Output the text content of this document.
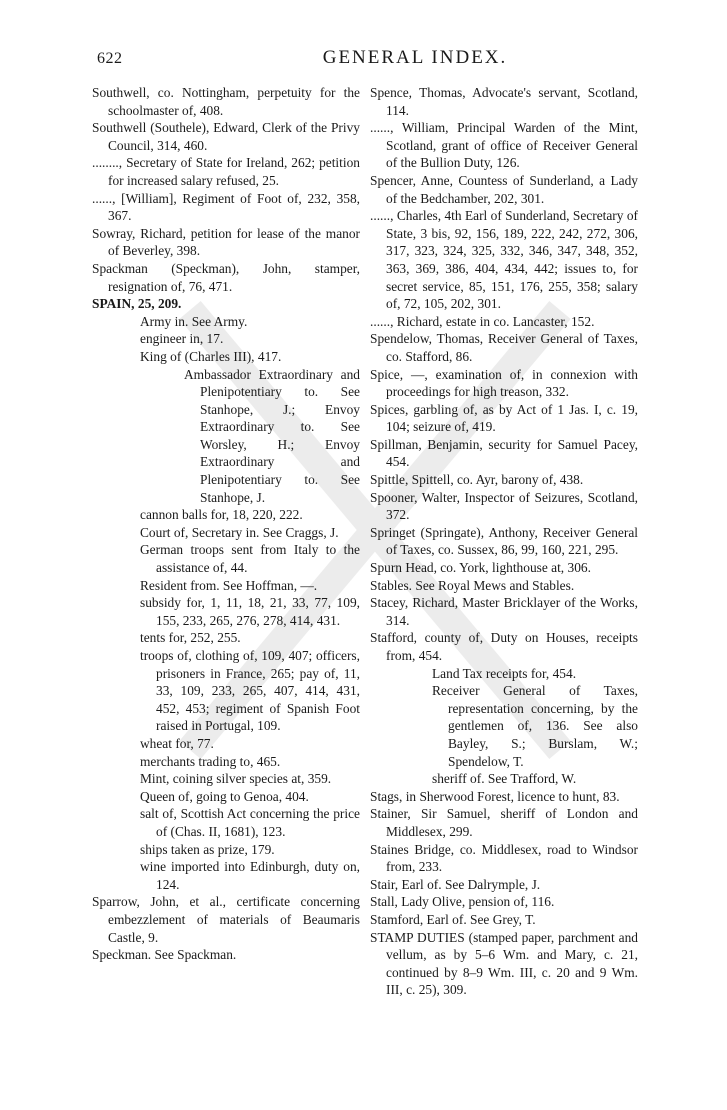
622	GENERAL INDEX.

Southwell, co. Nottingham, perpetuity for the schoolmaster of, 408.

Southwell (Southele), Edward, Clerk of the Privy Council, 314, 460.

........, Secretary of State for Ireland, 262; petition for increased salary refused, 25.

......, [William], Regiment of Foot of, 232, 358, 367.

Sowray, Richard, petition for lease of the manor of Beverley, 398.

Spackman (Speckman), John, stamper, resignation of, 76, 471.

SPAIN, 25, 209.

Army in. See Army.

engineer in, 17.

King of (Charles III), 417.

Ambassador Extraordinary and Plenipotentiary to. See Stanhope, J.; Envoy Extraordinary to. See Worsley, H.; Envoy Extraordinary and Plenipotentiary to. See Stanhope, J.

cannon balls for, 18, 220, 222.

Court of, Secretary in. See Craggs, J.

German troops sent from Italy to the assistance of, 44.

Resident from. See Hoffman, —.

subsidy for, 1, 11, 18, 21, 33, 77, 109, 155, 233, 265, 276, 278, 414, 431.

tents for, 252, 255.

troops of, clothing of, 109, 407; officers, prisoners in France, 265; pay of, 11, 33, 109, 233, 265, 407, 414, 431, 452, 453; regiment of Spanish Foot raised in Portugal, 109.

wheat for, 77.

merchants trading to, 465.

Mint, coining silver species at, 359.

Queen of, going to Genoa, 404.

salt of, Scottish Act concerning the price of (Chas. II, 1681), 123.

ships taken as prize, 179.

wine imported into Edinburgh, duty on, 124.

Sparrow, John, et al., certificate concerning embezzlement of materials of Beaumaris Castle, 9.

Speckman. See Spackman.

Spence, Thomas, Advocate's servant, Scotland, 114.

......, William, Principal Warden of the Mint, Scotland, grant of office of Receiver General of the Bullion Duty, 126.

Spencer, Anne, Countess of Sunderland, a Lady of the Bedchamber, 202, 301.

......, Charles, 4th Earl of Sunderland, Secretary of State, 3 bis, 92, 156, 189, 222, 242, 272, 306, 317, 323, 324, 325, 332, 346, 347, 348, 352, 363, 369, 386, 404, 434, 442; issues to, for secret service, 85, 151, 176, 255, 358; salary of, 72, 105, 202, 301.

......, Richard, estate in co. Lancaster, 152.

Spendelow, Thomas, Receiver General of Taxes, co. Stafford, 86.

Spice, —, examination of, in connexion with proceedings for high treason, 332.

Spices, garbling of, as by Act of 1 Jas. I, c. 19, 104; seizure of, 419.

Spillman, Benjamin, security for Samuel Pacey, 454.

Spittle, Spittell, co. Ayr, barony of, 438.

Spooner, Walter, Inspector of Seizures, Scotland, 372.

Springet (Springate), Anthony, Receiver General of Taxes, co. Sussex, 86, 99, 160, 221, 295.

Spurn Head, co. York, lighthouse at, 306.

Stables. See Royal Mews and Stables.

Stacey, Richard, Master Bricklayer of the Works, 314.

Stafford, county of, Duty on Houses, receipts from, 454.

Land Tax receipts for, 454.

Receiver General of Taxes, representation concerning, by the gentlemen of, 136. See also Bayley, S.; Burslam, W.; Spendelow, T.

sheriff of. See Trafford, W.

Stags, in Sherwood Forest, licence to hunt, 83.

Stainer, Sir Samuel, sheriff of London and Middlesex, 299.

Staines Bridge, co. Middlesex, road to Windsor from, 233.

Stair, Earl of. See Dalrymple, J.

Stall, Lady Olive, pension of, 116.

Stamford, Earl of. See Grey, T.

STAMP DUTIES (stamped paper, parchment and vellum, as by 5–6 Wm. and Mary, c. 21, continued by 8–9 Wm. III, c. 20 and 9 Wm. III, c. 25), 309.
